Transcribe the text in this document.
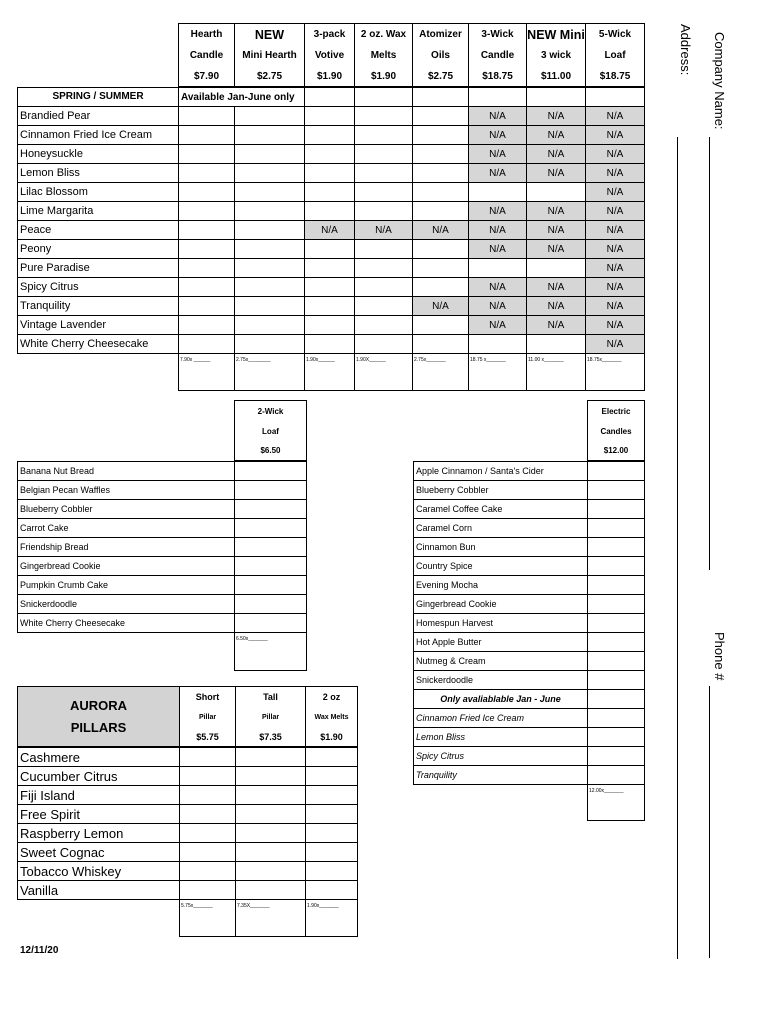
	Hearth	NEW	3-pack	2 oz. Wax	Atomizer	3-Wick	NEW Mini	5-Wick
	Candle	Mini Hearth	Votive	Melts	Oils	Candle	3 wick	Loaf
	$7.90	$2.75	$1.90	$1.90	$2.75	$18.75	$11.00	$18.75
SPRING / SUMMER	Available Jan-June only							
Brandied Pear						N/A	N/A	N/A
Cinnamon Fried Ice Cream						N/A	N/A	N/A
Honeysuckle						N/A	N/A	N/A
Lemon Bliss						N/A	N/A	N/A
Lilac Blossom								N/A
Lime Margarita						N/A	N/A	N/A
Peace			N/A	N/A	N/A	N/A	N/A	N/A
Peony						N/A	N/A	N/A
Pure Paradise								N/A
Spicy Citrus						N/A	N/A	N/A
Tranquility					N/A	N/A	N/A	N/A
Vintage Lavender						N/A	N/A	N/A
White Cherry Cheesecake								N/A
	7.90x ______	2.75x________	1.90x______	1.90X______	2.75x_______	18.75 x_______	11.00 x_______	18.75x_______
	2-Wick
	Loaf
	$6.50
Banana Nut Bread	
Belgian Pecan Waffles	
Blueberry Cobbler	
Carrot Cake	
Friendship Bread	
Gingerbread Cookie	
Pumpkin Crumb Cake	
Snickerdoodle	
White Cherry Cheesecake	
	6.50x_______
	Electric
	Candles
	$12.00
Apple Cinnamon / Santa's Cider	
Blueberry Cobbler	
Caramel Coffee Cake	
Caramel Corn	
Cinnamon Bun	
Country Spice	
Evening Mocha	
Gingerbread Cookie	
Homespun Harvest	
Hot Apple Butter	
Nutmeg & Cream	
Snickerdoodle	
Only avaliablable Jan - June	
Cinnamon Fried Ice Cream	
Lemon Bliss	
Spicy Citrus	
Tranquility	
	12.00x_______
AURORA
PILLARS	Short	Tall	2 oz
	Pillar	Pillar	Wax Melts
	$5.75	$7.35	$1.90
Cashmere			
Cucumber Citrus			
Fiji Island			
Free Spirit			
Raspberry Lemon			
Sweet Cognac			
Tobacco Whiskey			
Vanilla			
	5.75x_______	7.35X_______	1.90x_______
12/11/20
Company Name:
Address:
Phone #
